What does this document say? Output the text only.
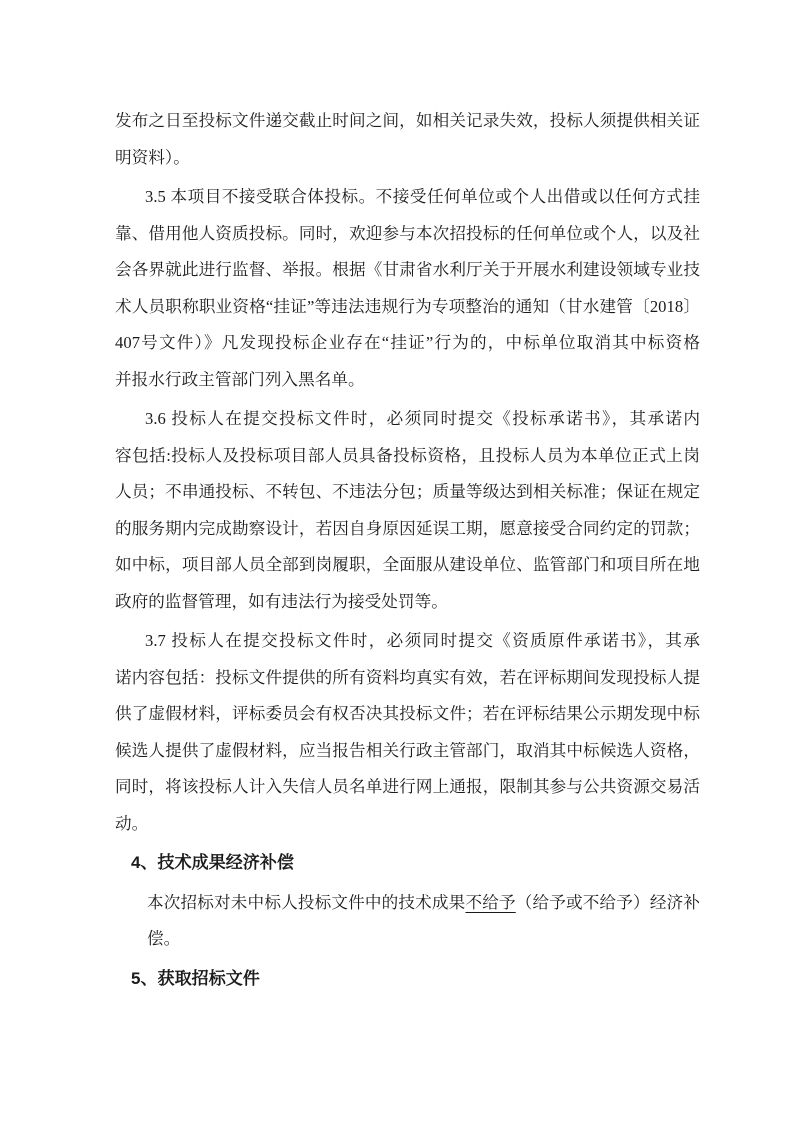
发布之日至投标文件递交截止时间之间，如相关记录失效，投标人须提供相关证
明资料）。
3.5 本项目不接受联合体投标。不接受任何单位或个人出借或以任何方式挂
靠、借用他人资质投标。同时，欢迎参与本次招投标的任何单位或个人，以及社
会各界就此进行监督、举报。根据《甘肃省水利厅关于开展水利建设领域专业技
术人员职称职业资格“挂证”等违法违规行为专项整治的通知（甘水建管〔2018〕
407号文件）》凡发现投标企业存在“挂证”行为的，中标单位取消其中标资格
并报水行政主管部门列入黑名单。
3.6 投标人在提交投标文件时，必须同时提交《投标承诺书》，其承诺内
容包括:投标人及投标项目部人员具备投标资格，且投标人员为本单位正式上岗
人员；不串通投标、不转包、不违法分包；质量等级达到相关标准；保证在规定
的服务期内完成勘察设计，若因自身原因延误工期，愿意接受合同约定的罚款；
如中标，项目部人员全部到岗履职，全面服从建设单位、监管部门和项目所在地
政府的监督管理，如有违法行为接受处罚等。
3.7 投标人在提交投标文件时，必须同时提交《资质原件承诺书》，其承
诺内容包括：投标文件提供的所有资料均真实有效，若在评标期间发现投标人提
供了虚假材料，评标委员会有权否决其投标文件；若在评标结果公示期发现中标
候选人提供了虚假材料，应当报告相关行政主管部门，取消其中标候选人资格，
同时，将该投标人计入失信人员名单进行网上通报，限制其参与公共资源交易活
动。
4、技术成果经济补偿
本次招标对未中标人投标文件中的技术成果不给予（给予或不给予）经济补
偿。
5、获取招标文件
